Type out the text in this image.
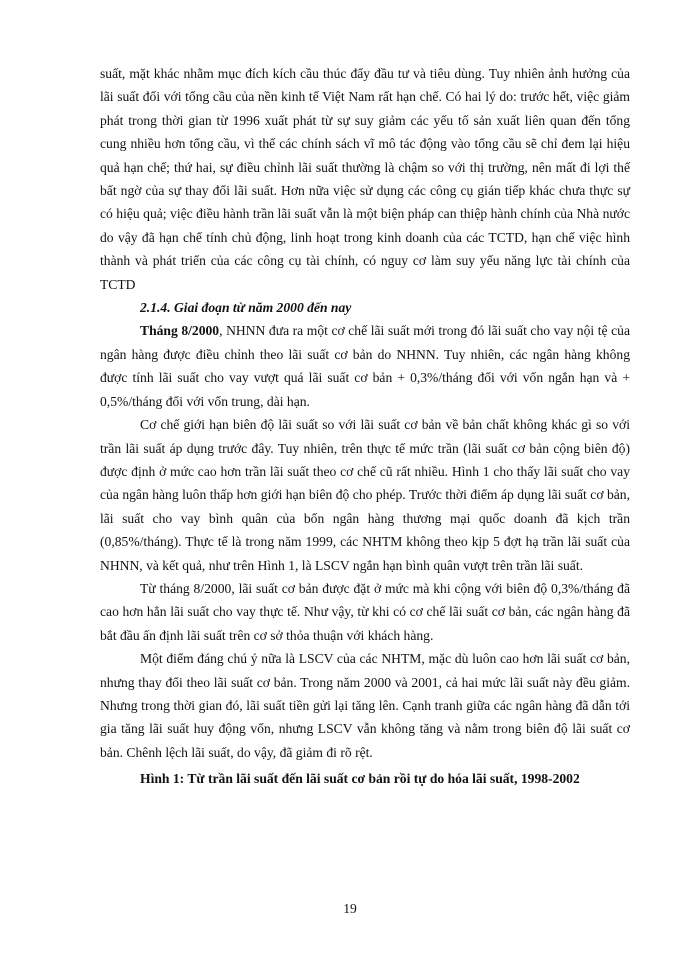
suất, mặt khác nhằm mục đích kích cầu thúc đẩy đầu tư và tiêu dùng. Tuy nhiên ảnh hưởng của lãi suất đối với tổng cầu của nền kinh tế Việt Nam rất hạn chế. Có hai lý do: trước hết, việc giảm phát trong thời gian từ 1996 xuất phát từ sự suy giảm các yếu tố sản xuất liên quan đến tổng cung nhiều hơn tổng cầu, vì thế các chính sách vĩ mô tác động vào tổng cầu sẽ chỉ đem lại hiệu quả hạn chế; thứ hai, sự điều chỉnh lãi suất thường là chậm so với thị trường, nên mất đi lợi thế bất ngờ của sự thay đổi lãi suất. Hơn nữa việc sử dụng các công cụ gián tiếp khác chưa thực sự có hiệu quả; việc điều hành trần lãi suất vẫn là một biện pháp can thiệp hành chính của Nhà nước do vậy đã hạn chế tính chủ động, linh hoạt trong kinh doanh của các TCTD, hạn chế việc hình thành và phát triển của các công cụ tài chính, có nguy cơ làm suy yếu năng lực tài chính của TCTD

2.1.4. Giai đoạn từ năm 2000 đến nay

Tháng 8/2000, NHNN đưa ra một cơ chế lãi suất mới trong đó lãi suất cho vay nội tệ của ngân hàng được điều chỉnh theo lãi suất cơ bản do NHNN. Tuy nhiên, các ngân hàng không được tính lãi suất cho vay vượt quá lãi suất cơ bản + 0,3%/tháng đối với vốn ngắn hạn và + 0,5%/tháng đối với vốn trung, dài hạn.

Cơ chế giới hạn biên độ lãi suất so với lãi suất cơ bản về bản chất không khác gì so với trần lãi suất áp dụng trước đây. Tuy nhiên, trên thực tế mức trần (lãi suất cơ bản cộng biên độ) được định ở mức cao hơn trần lãi suất theo cơ chế cũ rất nhiều. Hình 1 cho thấy lãi suất cho vay của ngân hàng luôn thấp hơn giới hạn biên độ cho phép. Trước thời điểm áp dụng lãi suất cơ bản, lãi suất cho vay bình quân của bốn ngân hàng thương mại quốc doanh đã kịch trần (0,85%/tháng). Thực tế là trong năm 1999, các NHTM không theo kịp 5 đợt hạ trần lãi suất của NHNN, và kết quả, như trên Hình 1, là LSCV ngắn hạn bình quân vượt trên trần lãi suất.

Từ tháng 8/2000, lãi suất cơ bản được đặt ở mức mà khi cộng với biên độ 0,3%/tháng đã cao hơn hẳn lãi suất cho vay thực tế. Như vậy, từ khi có cơ chế lãi suất cơ bản, các ngân hàng đã bắt đầu ấn định lãi suất trên cơ sở thỏa thuận với khách hàng.

Một điểm đáng chú ý nữa là LSCV của các NHTM, mặc dù luôn cao hơn lãi suất cơ bản, nhưng thay đổi theo lãi suất cơ bản. Trong năm 2000 và 2001, cả hai mức lãi suất này đều giảm. Nhưng trong thời gian đó, lãi suất tiền gửi lại tăng lên. Cạnh tranh giữa các ngân hàng đã dẫn tới gia tăng lãi suất huy động vốn, nhưng LSCV vẫn không tăng và nằm trong biên độ lãi suất cơ bản. Chênh lệch lãi suất, do vậy, đã giảm đi rõ rệt.

Hình 1: Từ trần lãi suất đến lãi suất cơ bản rồi tự do hóa lãi suất, 1998-2002

19
